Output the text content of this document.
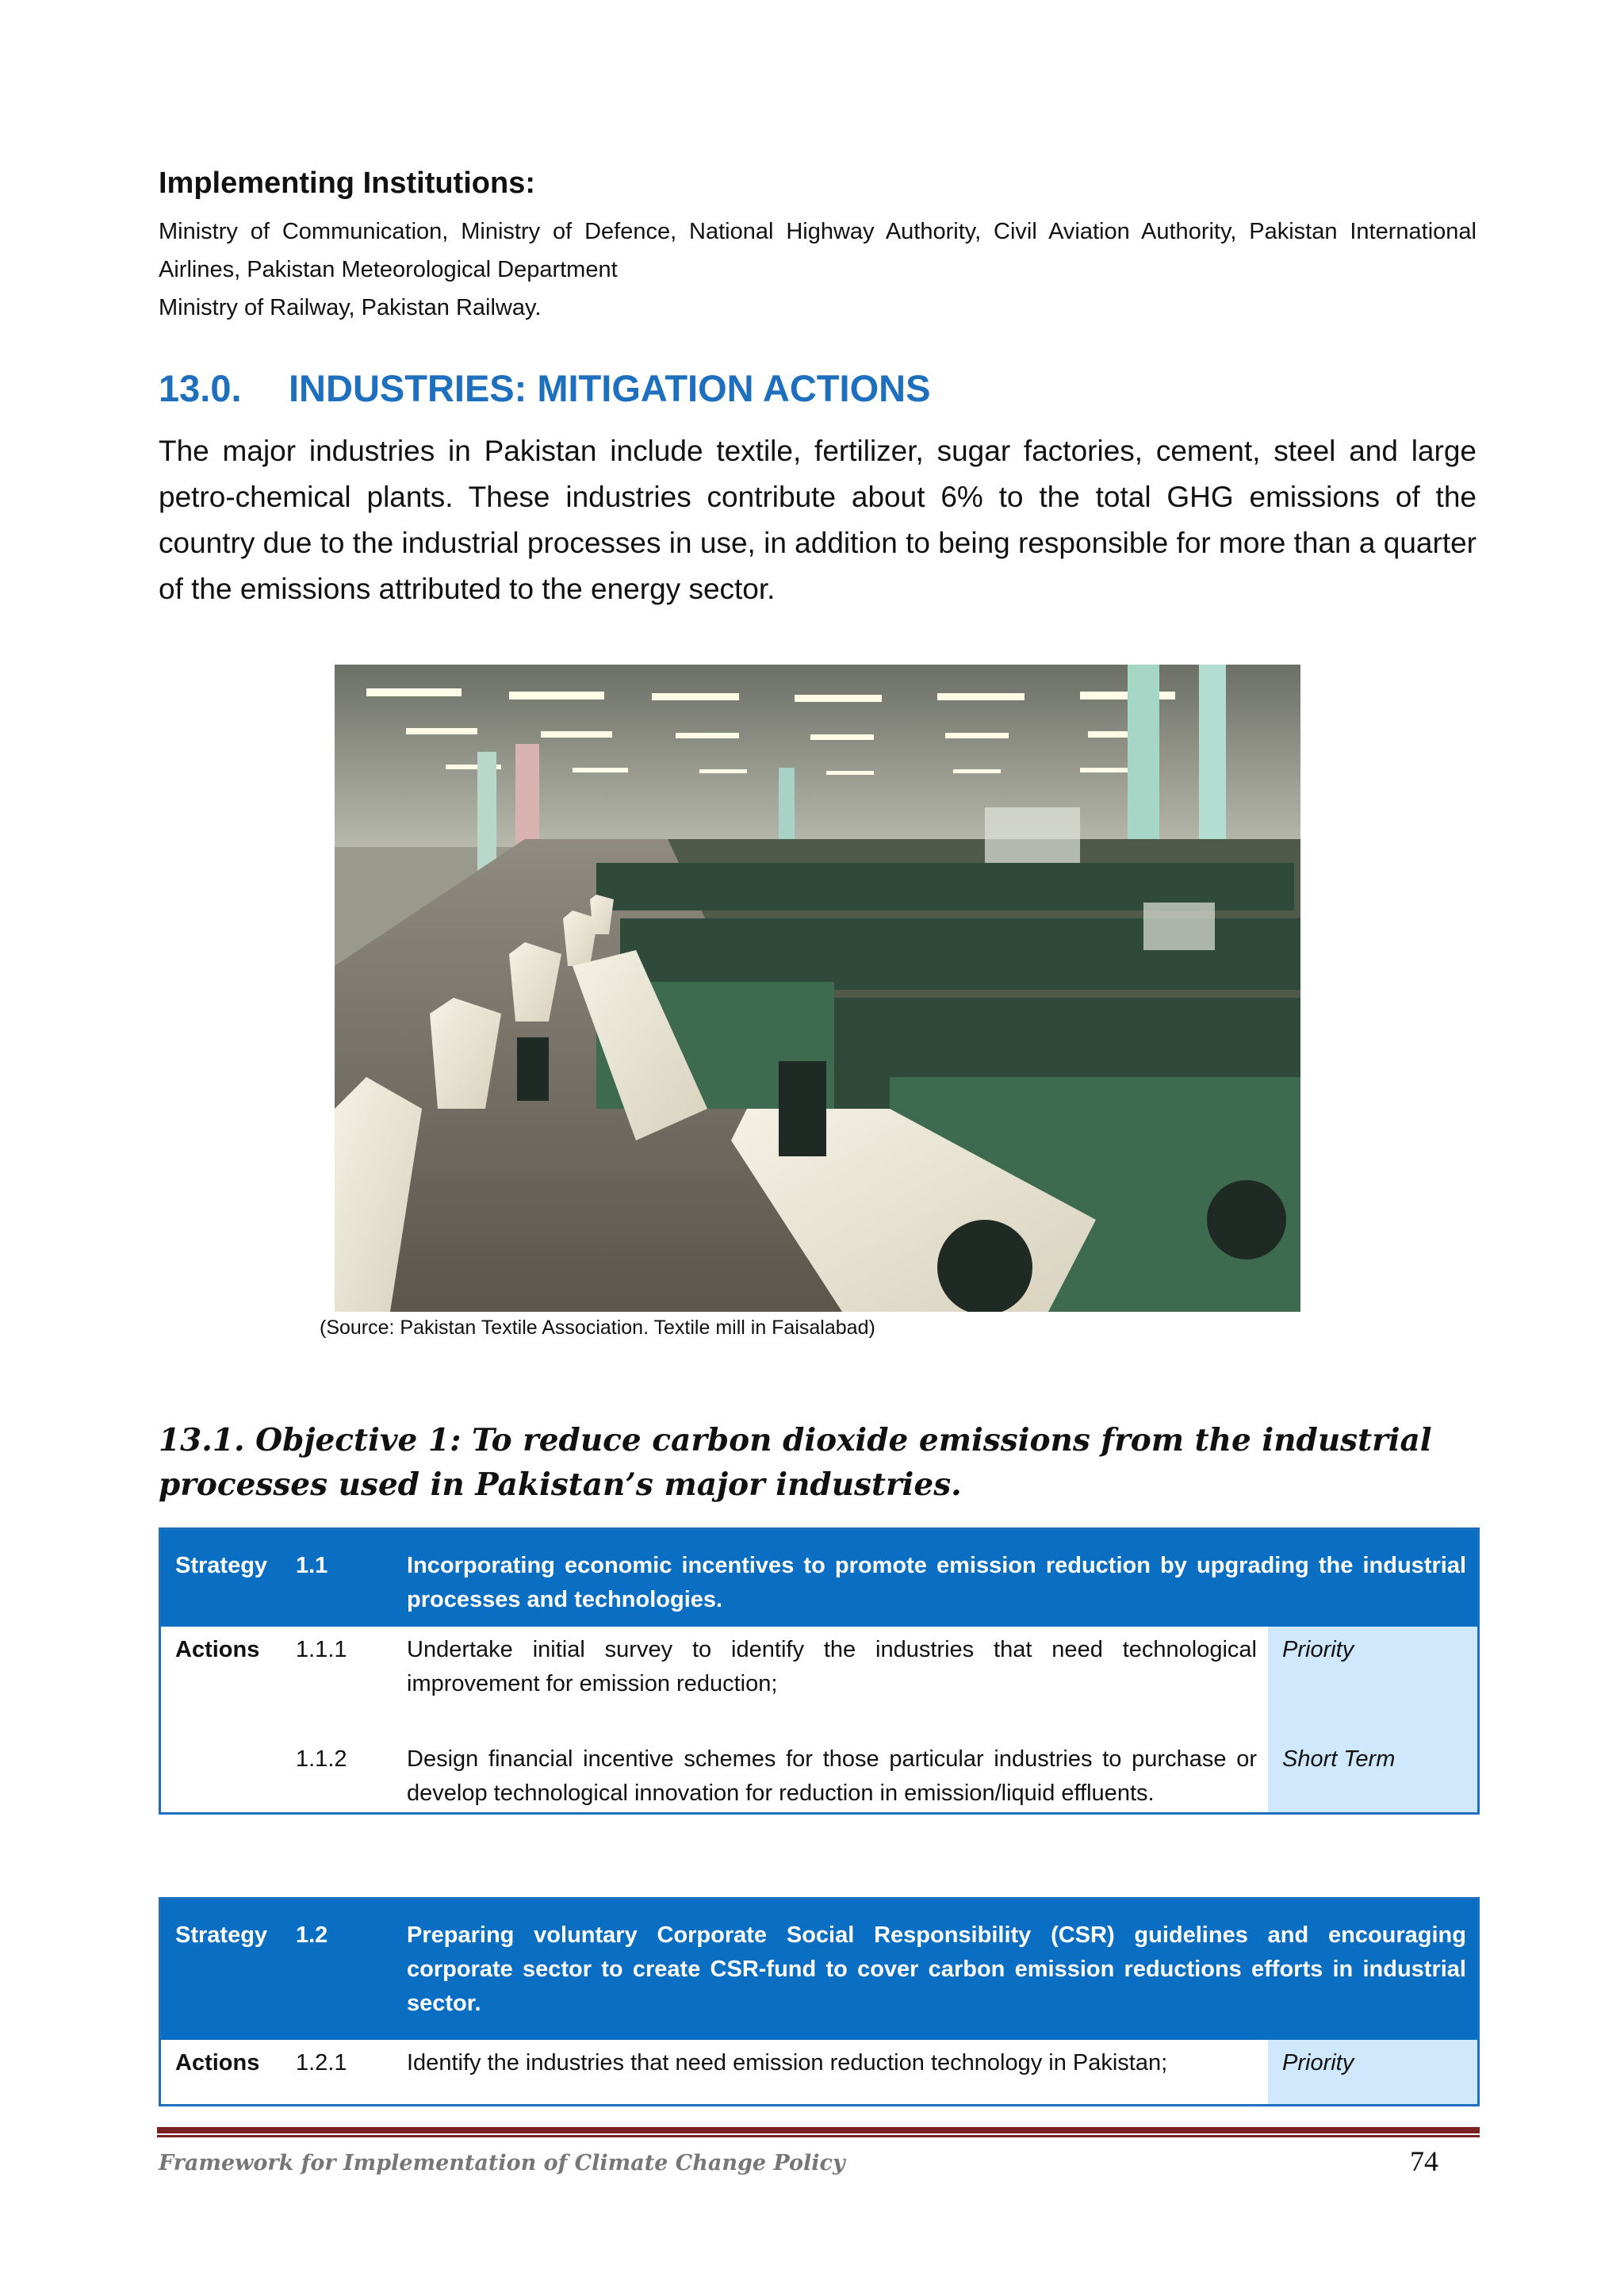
Implementing Institutions:
Ministry of Communication, Ministry of Defence, National Highway Authority, Civil Aviation Authority, Pakistan International Airlines, Pakistan Meteorological Department
Ministry of Railway, Pakistan Railway.
13.0. INDUSTRIES: MITIGATION ACTIONS
The major industries in Pakistan include textile, fertilizer, sugar factories, cement, steel and large petro-chemical plants. These industries contribute about 6% to the total GHG emissions of the country due to the industrial processes in use, in addition to being responsible for more than a quarter of the emissions attributed to the energy sector.
(Source: Pakistan Textile Association. Textile mill in Faisalabad)
13.1. Objective 1: To reduce carbon dioxide emissions from the industrial processes used in Pakistan’s major industries.
Strategy	1.1	Incorporating economic incentives to promote emission reduction by upgrading the industrial processes and technologies.	
Actions	1.1.1	Undertake initial survey to identify the industries that need technological improvement for emission reduction;	Priority
	1.1.2	Design financial incentive schemes for those particular industries to purchase or develop technological innovation for reduction in emission/liquid effluents.	Short Term
Strategy	1.2	Preparing voluntary Corporate Social Responsibility (CSR) guidelines and encouraging corporate sector to create CSR-fund to cover carbon emission reductions efforts in industrial sector.	
Actions	1.2.1	Identify the industries that need emission reduction technology in Pakistan;	Priority
Framework for Implementation of Climate Change Policy	74
